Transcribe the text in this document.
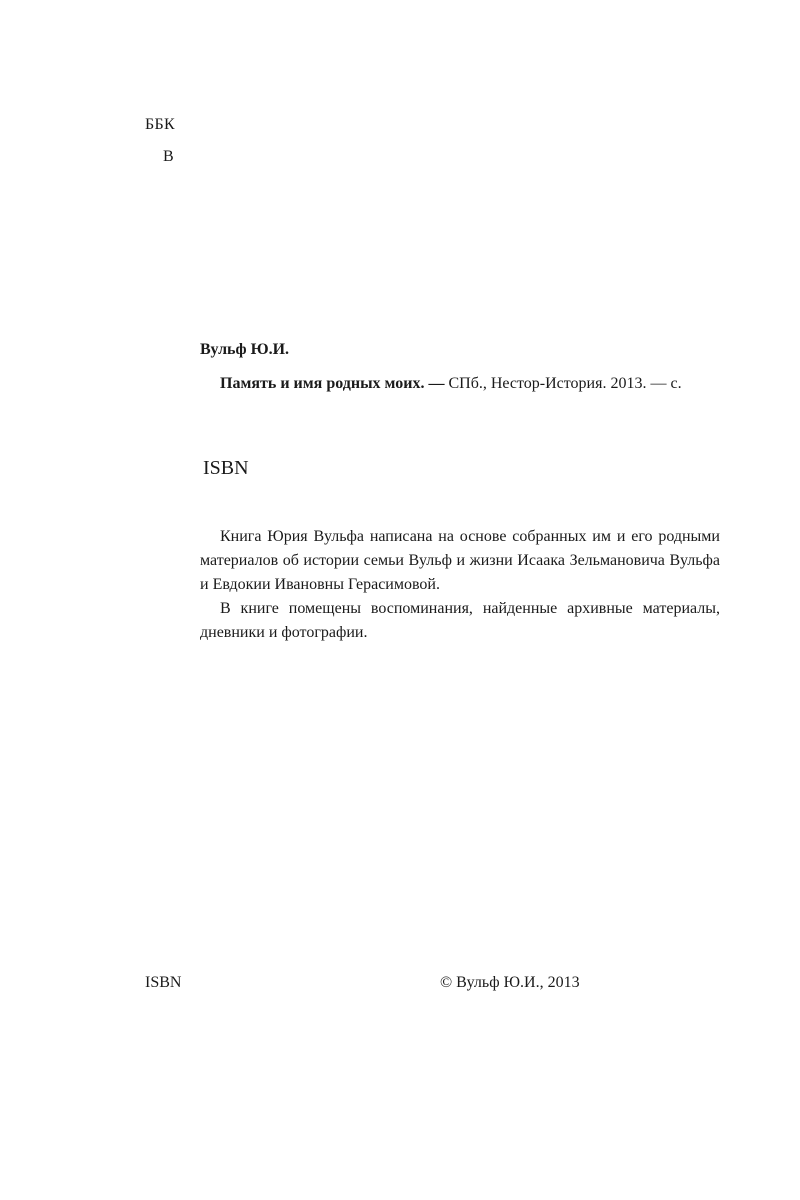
ББК
В
Вульф Ю.И.
Память и имя родных моих. — СПб., Нестор-История. 2013. — с.
ISBN

Книга Юрия Вульфа написана на основе собранных им и его родными материалов об истории семьи Вульф и жизни Исаака Зельмановича Вульфа и Евдокии Ивановны Герасимовой.

В книге помещены воспоминания, найденные архивные материалы, дневники и фотографии.

ISBN	© Вульф Ю.И., 2013
